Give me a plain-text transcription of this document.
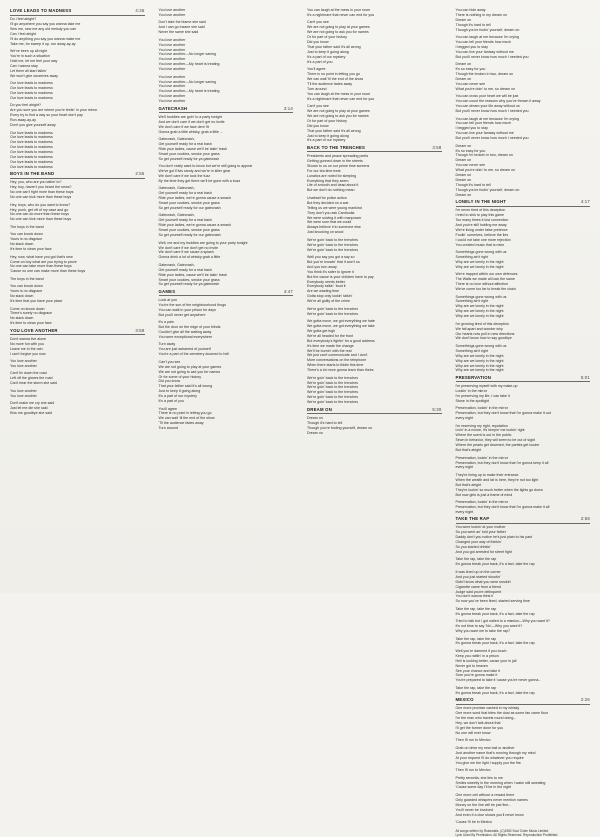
LOVE LEADS TO MADNESS	4:36
Do I feel alright?
I'll go anywhere you say you wanna take me
Sew me, sew me any old melody you can
Can I feel alright
I'll do anything you say you wanna make me
Take me, for sweep it up, run away-ay-ay
We've been up all night
You're in such a situation
Hold me, let me feel your way
Can I wanna stay
Let them all start talkin'
We won't give ourselves away
Our love leads to madness
Our love leads to madness
Our love leads to madness
Our love leads to madness
Do you feel alright?
Are you sure you are where you're feelin' in your mirror
Every try to find a way so your heart don't pay
Run away-ay-ay
Don't you give yourself away
Our love leads to madness
Our love leads to madness
Our love leads to madness
Our love leads to madness
Our love leads to madness
Our love leads to madness
Our love leads to madness
Our love leads to madness
BOYS IN THE BAND	2:55
Hey, you, who are you talkin' to?
Hey, boy, haven't you heard the news?
No one can't fight more than these boys
No one can kick more than these boys
Hey, boys, who do you want to know?
Hey, punk, get off of my case and go
No one can do more than these boys
No one can kick more than these boys
The boys in the band
You can knock down
Yours is no disgrace
No slack down
It's time to clean your face
Hey, now, what have you got that's new
Come on boy what are you trying to prove
No one can take more than these boys
'Cause no one can make more than these boys
The boys in the band
You can knock down
Yours is no disgrace
No slack down
It's time that you have your place
Come on knock down
There's surely no disgrace
No slack down
It's time to clean your face
YOU LOVE ANOTHER	3:59
Don't wanna live alone
No more fun with you
Leave me in the rain
I can't forgive you now
You love another
You love another
Can't fix down the road
Left off the gloves the road
Can't hear the storm she said
You love another
You love another
Don't make me cry she said
Just let me die she said
Kiss me goodbye she said
You love another
You love another
Don't take the blame she said
And I can go insane she said
Never the same she said
You love another
You love another
You love another
You love another—No longer saving
You love another
You love another—My heart is treating
You love another
You love another
You love another—No longer saving
You love another
You love another—My heart is treating
You love another
You love another
GATECRASH	3:14
We'll buddies are goin' to a party tonight
And we don't care if we don't get no invite
We don't care if we face dem' fit
Gonna grab a little whisky, grab a little ...
Gatecrash, Gatecrash,
Get yourself ready for a real bash
Ride your ladies, cause we'll be takin' trash
Smart your cookies, smoke your grass
So get yourself ready for ya gatecrash
You don't really want to know but we're still going to appear
We've got Elvis candy and we're in killer gear
We don't care if we look the fuzz
By the time they get there we'll be gone with a buzz
Gatecrash, Gatecrash,
Get yourself ready for a real bash
Ride your ladies, we're gonna cause a smash
Smart your cookies, smoke your grass
So get yourself ready for our gatecrash
Gatecrash, Gatecrash,
Get yourself ready for a real bash
Ride your ladies, we're gonna cause a smash
Smart your cookies, smoke your grass
So get yourself ready for our gatecrash
Well, me and my buddies are going to your party tonight
We don't care if we don't get no invite
We don't care if we cause a splash
Gonna drink a lot of whisky grab a little
Gatecrash, Gatecrash,
Get yourself ready for a real bash
Ride your ladies, cause we'll be takin' trash
Smart your cookies, smoke your grass
So get yourself ready for ya gatecrash
GAMES	4:47
Look at you
You're the son of the neighbourhood thugs
You can walk in your prison for days
But you'll never get anywhere
It's a pain
But the door on the edge of your blinds
Couldn't give all the waiting away
You were exceptional everywhere
Turn away
You are just ashamed of yourself
You're a part of the cemetery doomed to hell
Can't you see
We are not going to play at your games
We are not going to ask you for names
Or for some of your history
Did you know
That your father said it's all wrong
Just to keep it going along
It's a part of our mystery
It's a part of you
You'll agree
There is no point in letting you go
We can wait 'til the end of the show
'Til the audience fades away
Turn around
You can laugh at the mess in your room
It's a nightmare that never can end for you
Can't you see
We are not going to play at your games
We are not going to ask you for names
Or for part of your history
Did you know
That your father said it's all wrong
Just to keep it going along
It's a part of our mystery
It's a part of you
You'll agree
There is no point in letting you go
We can wait 'til the end of the show
'Til the audience fades away
Turn around
You can laugh at the mess in your room
It's a nightmare that never can end for you
Can't you see
We are not going to play at your games
We are not going to ask you for names
Or for part of your history
Did you know
That your father said it's all wrong
Just to keep it going along
It's a part of our mystery
BACK TO THE TRENCHES	3:58
Presidents and peace spreading peels
Getting gunned down in the streets
Shown to us on our prime time screens
For our tea time treat
Lunatics are noted for sleeping
Everything that they seem
Life of smooth and dead about it
But we don't do nothing mean
Unafraid for police action
But they decided on a war
Telling us we were young mankind
They don't you ask Cambodia
We were solving it with manpower
We were sure that we could
Always believe it to someone else
Just knocking on wood
We're goin' back to the trenches
We're goin' back to the trenches
We're goin' back to the trenches
Well you say you got a say so
But you're knowin' that it won't so
And you turn away
You think it's safer to ignore it
But the cause is your children have to pay
Everybody needs better
Everybody talkin' 'bout it
Are we wasting time
Gotta stop only lookin' talkin'
We're all guilty of the crime
We're goin' back to the trenches
We're goin' back to the trenches
We gotta move, we got everything we hate
We gotta move, we got everything we take
We gotta get high
We're all headed for the front
But everybody's fightin' for a good address
It's time we made the change
We'll be burnin' with the rest
We just can't communicate and I don't
More conversations on the telephone
When there starts to fiddle this time
There's a lot more gonna learn than theirs
We're goin' back to the trenches
We're goin' back to the trenches
We're goin' back to the trenches
We're goin' back to the trenches
We're goin' back to the trenches
We're goin' back to the trenches
DREAM ON	5:30
Dream on
Though it's hard to tell
Though you're fooling yourself, dream on
Dream on
You can hide away
There is nothing in my dream on
Dream on
Though it's hard to tell
Though you're foolin' yourself, dream on
You can laugh at me because I'm crying
You can tell your friends how much
I begged you to stay
You can live your fantasy without me
But you'll never know how much I needed you
Dream on
It's so easy for you
Though the broken in two, dream on
Dream on
You can never see
What you're doin' to me, so dream on
You can cross your heart we will be just
You can count the reasons why you've thrown it away
You can dream your life away without us
But you'll never know how much I needed you
You can laugh at me because I'm crying
You can tell your friends how much
I begged you to stay
You can live your fantasy without me
But you'll never know how much I needed you
Dream on
It's so easy for you
Though I'm broken in two, dream on
Dream on
You can never see
What you're doin' to me, so dream on
Dream on
Dream on
Though it's hard to tell
Though you're foolin' yourself, dream on
Dream on
LONELY IN THE NIGHT	4:17
I'm never tired of this deception
I tried to sink to play this game
Too many times it lost connection
And you're still holding me away
We're living under false pretence
Foolin' ourselves, believe the lies
I could not take one more rejection
You created music that is mine
Somethings gone wrong with us
Something ain't right
Why are we lonely in the night
Why are we lonely in the night
We're trapped within our own defences
The Walls we made all look the same
There is no love without affection
We've come too far to break the chain
Somethings gone wrong with us
Something ain't right
Why are we lonely in the night
Why are we lonely in the night
Why are we lonely in the night
I'm growing tired of this deception
We fall apart and wonder why
Our hearts now pull in new directions
We don't know how to say goodbye
Somethings gone wrong with us
Something ain't right
Why are we lonely in the night
Why are we lonely in the night
Why are we lonely in the night
Why are we lonely in the night
PRESERVATION	5:01
I'm preserving myself with my make-up
Lookin' in the mirror
I'm preserving my life, I can take it
Stone in the spotlight
Preservation, lookin' in the mirror
Preservation, but they don't know that I'm gonna make it out
every night
I'm reserving my right, reputation
Livin' in a movie, it's keepin' me lookin' right
Where the scent is out in the public
Sewn in behavior, they will seem to be out of sight
Where the pearls get drowned, the parties get louder
But that's alright
Preservation, lookin' in the mirror
Preservation, but they don't know that I'm gonna keep it all
every night
They're lining up to make their entrance
When the wealth and fat is here, they're not too light
But that's alright
They're lookin' so much better when the lights go down
But now girls is just a frame of mind
Preservation, lookin' in the mirror
Preservation, but they don't know that I'm gonna make it all
every night
TAKE THE RAP	2:58
You were lookin' at your mother
So you went an' told your father
Daddy don't you notice he's just plain to his past
Changed your way of thinkin'
So you started drinkin'
And you got arrested for street fight
Take the rap, take the rap
It's gonna break your back, it's a fact, take the rap
It was lined up on the corner
And you just started shoutin'
Didn't know what you were smokin'
Cigarette came from a friend
Judge said you're delinquent
You don't wanna think it
So now you've been fined, started serving time
Take the rap, take the rap
It's gonna break your back, it's a fact, take the rap
Tried to talk but I got nailed to a mission—Why you want it?
It's not time to say 'No'—Why you want it?
Why you want me to take the rap?
Take the rap, take the rap
It's gonna break your back, it's a fact, take the rap
Well you're damned if you touch
Keep you rattlin' in a prison
Hell is looking better, cause your in jail
Never got to heaven
See your chance and take it
Sure you're gonna make it
You're prepared to take it 'cause you're never gonna...
Take the rap, take the rap
It's gonna break your back, it's a fact, take the rap
MEXICO	2:26
One more promise cashed in my whisky
One more word that bites the dust as some fan came floor
I'm the man who travels round doing...
Hey, we don't talk about that
I'll get the former done for you
No one will ever know
Then I'll run to Mexico
Grab on drive my new ball or another
Just another name that's running through my mind
At your request I'll do whatever you require
You give me the light I supply you the fire
Then I'll run to Mexico
Pretty senorita, she lies to me
Smiles sweetly in the morning when I wake still sweating
'Cause some day I'll be in the night
One more cell without a reward there
Only guarded whispers never mention names
Money on the line will be just fine...
You'll never be involved
And even if a clue shows you'll never know
'Cause I'll be in Mexico
All songs written by Rosewalls. (C)1982 Soul Circle Music Limited
Lyric Used By Permission. All Rights Reserved. Reproduction Prohibited.
